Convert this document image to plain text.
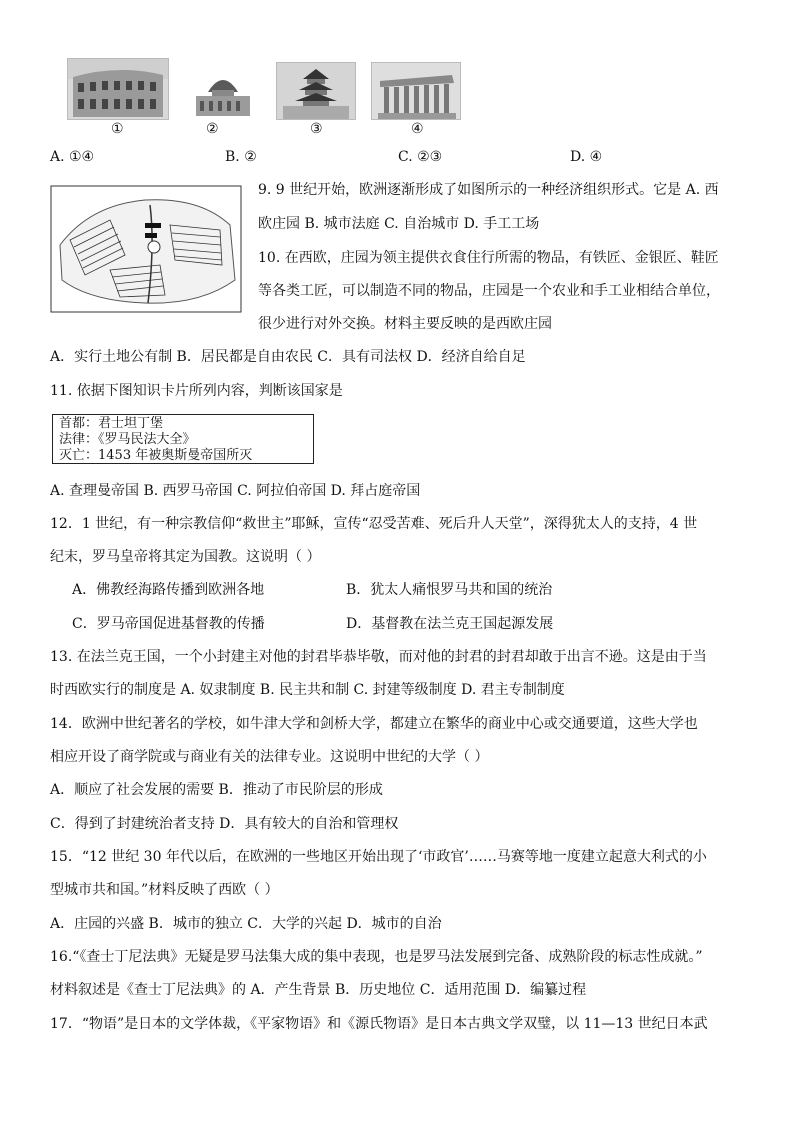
①	②	③	④
A. ①④	B. ②	C. ②③	D. ④
9. 9 世纪开始，欧洲逐渐形成了如图所示的一种经济组织形式。它是 A. 西
欧庄园 B. 城市法庭 C. 自治城市 D. 手工工场
10. 在西欧，庄园为领主提供衣食住行所需的物品，有铁匠、金银匠、鞋匠
等各类工匠，可以制造不同的物品，庄园是一个农业和手工业相结合单位，
很少进行对外交换。材料主要反映的是西欧庄园
A．实行土地公有制 B．居民都是自由农民 C．具有司法权 D．经济自给自足
11. 依据下图知识卡片所列内容，判断该国家是
首都：君士坦丁堡
法律：《罗马民法大全》
灭亡：1453 年被奥斯曼帝国所灭
A. 查理曼帝国 B. 西罗马帝国 C. 阿拉伯帝国 D. 拜占庭帝国
12．1 世纪，有一种宗教信仰“救世主”耶稣，宣传“忍受苦难、死后升人天堂”，深得犹太人的支持，4 世
纪末，罗马皇帝将其定为国教。这说明（ ）
A．佛教经海路传播到欧洲各地	B．犹太人痛恨罗马共和国的统治
C．罗马帝国促进基督教的传播	D．基督教在法兰克王国起源发展
13. 在法兰克王国，一个小封建主对他的封君毕恭毕敬，而对他的封君的封君却敢于出言不逊。这是由于当
时西欧实行的制度是 A. 奴隶制度 B. 民主共和制 C. 封建等级制度 D. 君主专制制度
14．欧洲中世纪著名的学校，如牛津大学和剑桥大学，都建立在繁华的商业中心或交通要道，这些大学也
相应开设了商学院或与商业有关的法律专业。这说明中世纪的大学（ ）
A．顺应了社会发展的需要 B．推动了市民阶层的形成
C．得到了封建统治者支持 D．具有较大的自治和管理权
15．“12 世纪 30 年代以后，在欧洲的一些地区开始出现了‘市政官’……马赛等地一度建立起意大利式的小
型城市共和国。”材料反映了西欧（ ）
A．庄园的兴盛 B．城市的独立 C．大学的兴起 D．城市的自治
16.“《查士丁尼法典》无疑是罗马法集大成的集中表现，也是罗马法发展到完备、成熟阶段的标志性成就。”
材料叙述是《查士丁尼法典》的 A．产生背景 B．历史地位 C．适用范围 D．编纂过程
17．“物语”是日本的文学体裁，《平家物语》和《源氏物语》是日本古典文学双璧，以 11—13 世纪日本武
